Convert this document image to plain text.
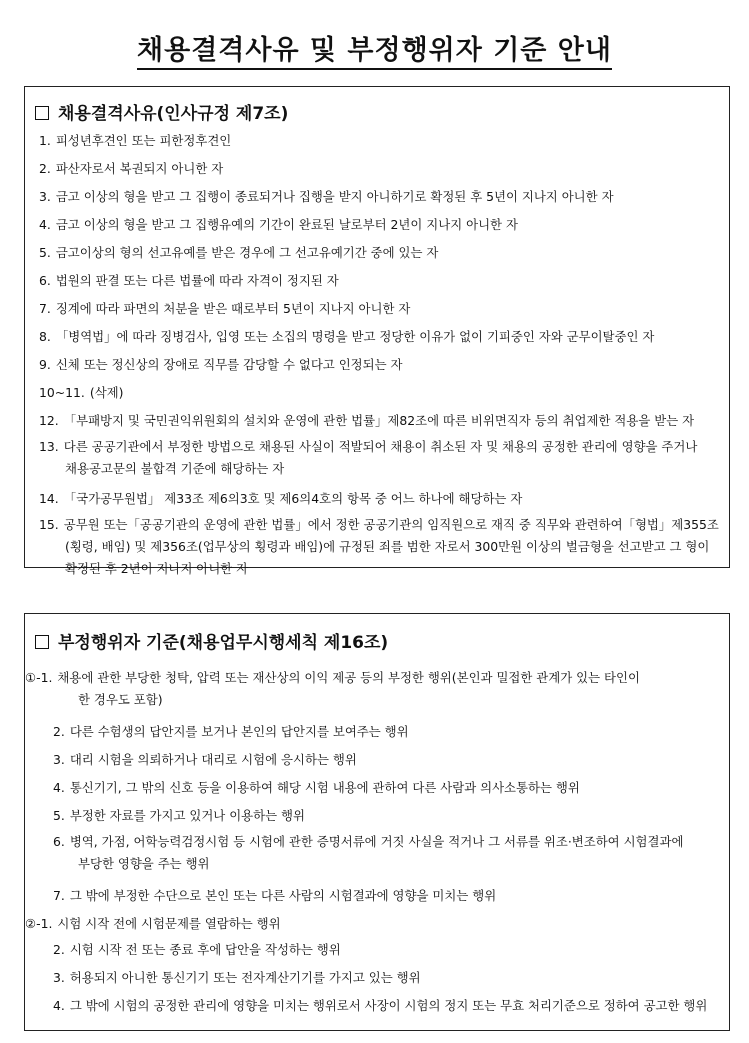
채용결격사유 및 부정행위자 기준 안내
채용결격사유(인사규정 제7조)
1. 피성년후견인 또는 피한정후견인
2. 파산자로서 복권되지 아니한 자
3. 금고 이상의 형을 받고 그 집행이 종료되거나 집행을 받지 아니하기로 확정된 후 5년이 지나지 아니한 자
4. 금고 이상의 형을 받고 그 집행유예의 기간이 완료된 날로부터 2년이 지나지 아니한 자
5. 금고이상의 형의 선고유예를 받은 경우에 그 선고유예기간 중에 있는 자
6. 법원의 판결 또는 다른 법률에 따라 자격이 정지된 자
7. 징계에 따라 파면의 처분을 받은 때로부터 5년이 지나지 아니한 자
8. 「병역법」에 따라 징병검사, 입영 또는 소집의 명령을 받고 정당한 이유가 없이 기피중인 자와 군무이탈중인 자
9. 신체 또는 정신상의 장애로 직무를 감당할 수 없다고 인정되는 자
10~11. (삭제)
12. 「부패방지 및 국민권익위원회의 설치와 운영에 관한 법률」제82조에 따른 비위면직자 등의 취업제한 적용을 받는 자
13. 다른 공공기관에서 부정한 방법으로 채용된 사실이 적발되어 채용이 취소된 자 및 채용의 공정한 관리에 영향을 주거나
채용공고문의 불합격 기준에 해당하는 자
14. 「국가공무원법」 제33조 제6의3호 및 제6의4호의 항목 중 어느 하나에 해당하는 자
15. 공무원 또는「공공기관의 운영에 관한 법률」에서 정한 공공기관의 임직원으로 재직 중 직무와 관련하여「형법」제355조
(횡령, 배임) 및 제356조(업무상의 횡령과 배임)에 규정된 죄를 범한 자로서 300만원 이상의 벌금형을 선고받고 그 형이
확정된 후 2년이 지나지 아니한 자
부정행위자 기준(채용업무시행세칙 제16조)
①-1. 채용에 관한 부당한 청탁, 압력 또는 재산상의 이익 제공 등의 부정한 행위(본인과 밀접한 관계가 있는 타인이
한 경우도 포함)
2. 다른 수험생의 답안지를 보거나 본인의 답안지를 보여주는 행위
3. 대리 시험을 의뢰하거나 대리로 시험에 응시하는 행위
4. 통신기기, 그 밖의 신호 등을 이용하여 해당 시험 내용에 관하여 다른 사람과 의사소통하는 행위
5. 부정한 자료를 가지고 있거나 이용하는 행위
6. 병역, 가점, 어학능력검정시험 등 시험에 관한 증명서류에 거짓 사실을 적거나 그 서류를 위조·변조하여 시험결과에
부당한 영향을 주는 행위
7. 그 밖에 부정한 수단으로 본인 또는 다른 사람의 시험결과에 영향을 미치는 행위
②-1. 시험 시작 전에 시험문제를 열람하는 행위
2. 시험 시작 전 또는 종료 후에 답안을 작성하는 행위
3. 허용되지 아니한 통신기기 또는 전자계산기기를 가지고 있는 행위
4. 그 밖에 시험의 공정한 관리에 영향을 미치는 행위로서 사장이 시험의 정지 또는 무효 처리기준으로 정하여 공고한 행위
